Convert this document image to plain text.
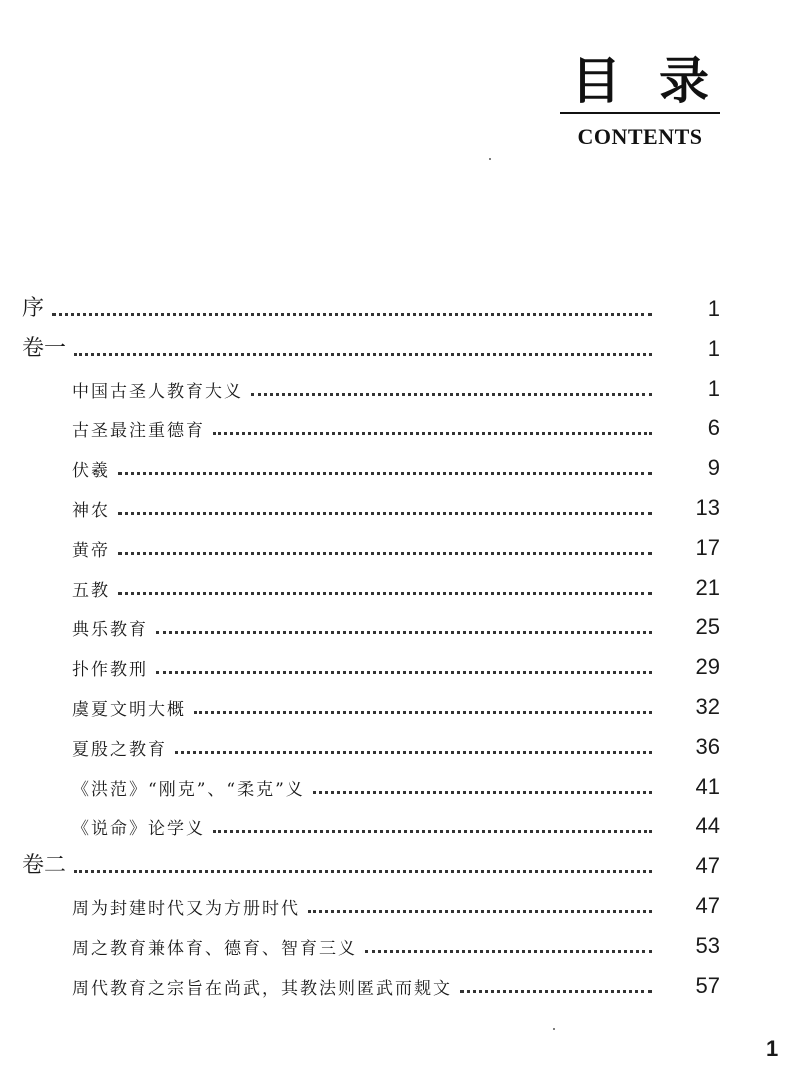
目录
CONTENTS
序	1
卷一	1
中国古圣人教育大义	1
古圣最注重德育	6
伏羲	9
神农	13
黄帝	17
五教	21
典乐教育	25
扑作教刑	29
虞夏文明大概	32
夏殷之教育	36
《洪范》“刚克”、“柔克”义	41
《说命》论学义	44
卷二	47
周为封建时代又为方册时代	47
周之教育兼体育、德育、智育三义	53
周代教育之宗旨在尚武，其教法则匿武而觌文	57
1
